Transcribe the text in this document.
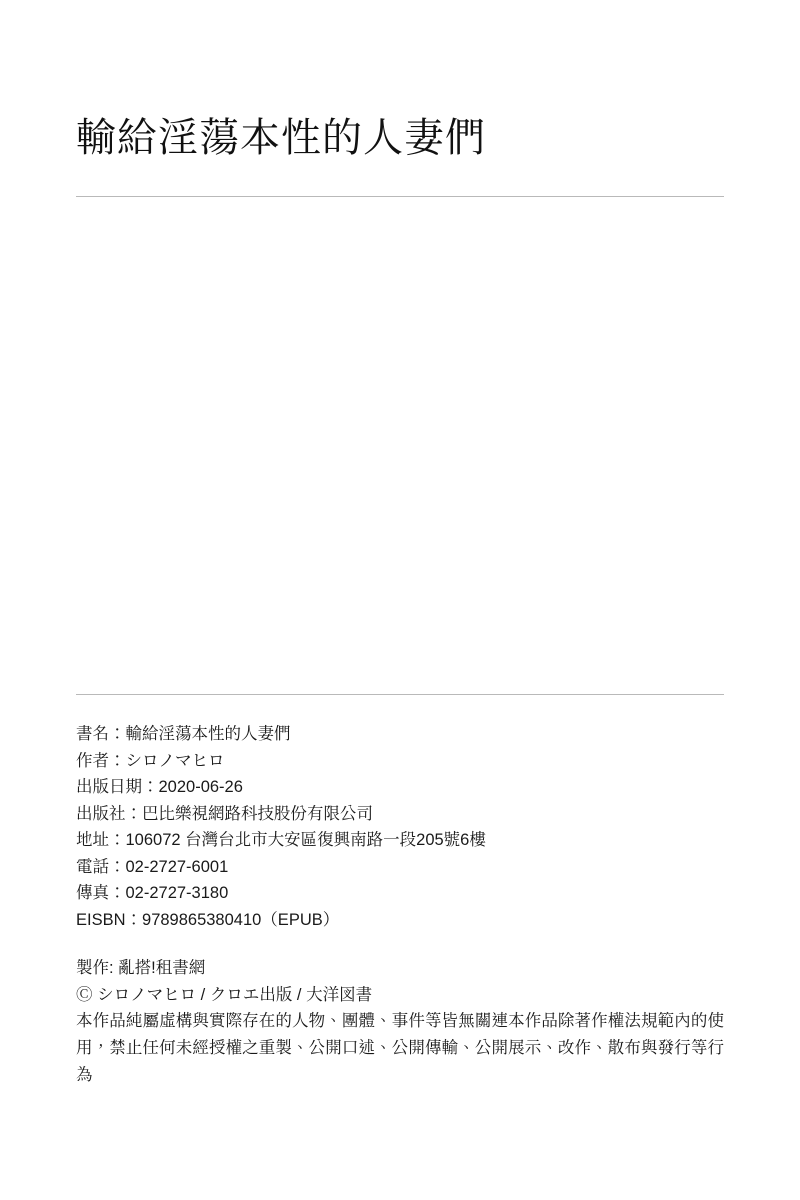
輸給淫蕩本性的人妻們
書名：輸給淫蕩本性的人妻們
作者：シロノマヒロ
出版日期：2020-06-26
出版社：巴比樂視網路科技股份有限公司
地址：106072 台灣台北市大安區復興南路一段205號6樓
電話：02-2727-6001
傳真：02-2727-3180
EISBN：9789865380410（EPUB）
製作: 亂搭!租書網
Ⓒ シロノマヒロ / クロエ出版 / 大洋図書

本作品純屬虛構與實際存在的人物、團體、事件等皆無關連本作品除著作權法規範內的使用，禁止任何未經授權之重製、公開口述、公開傳輸、公開展示、改作、散布與發行等行為
